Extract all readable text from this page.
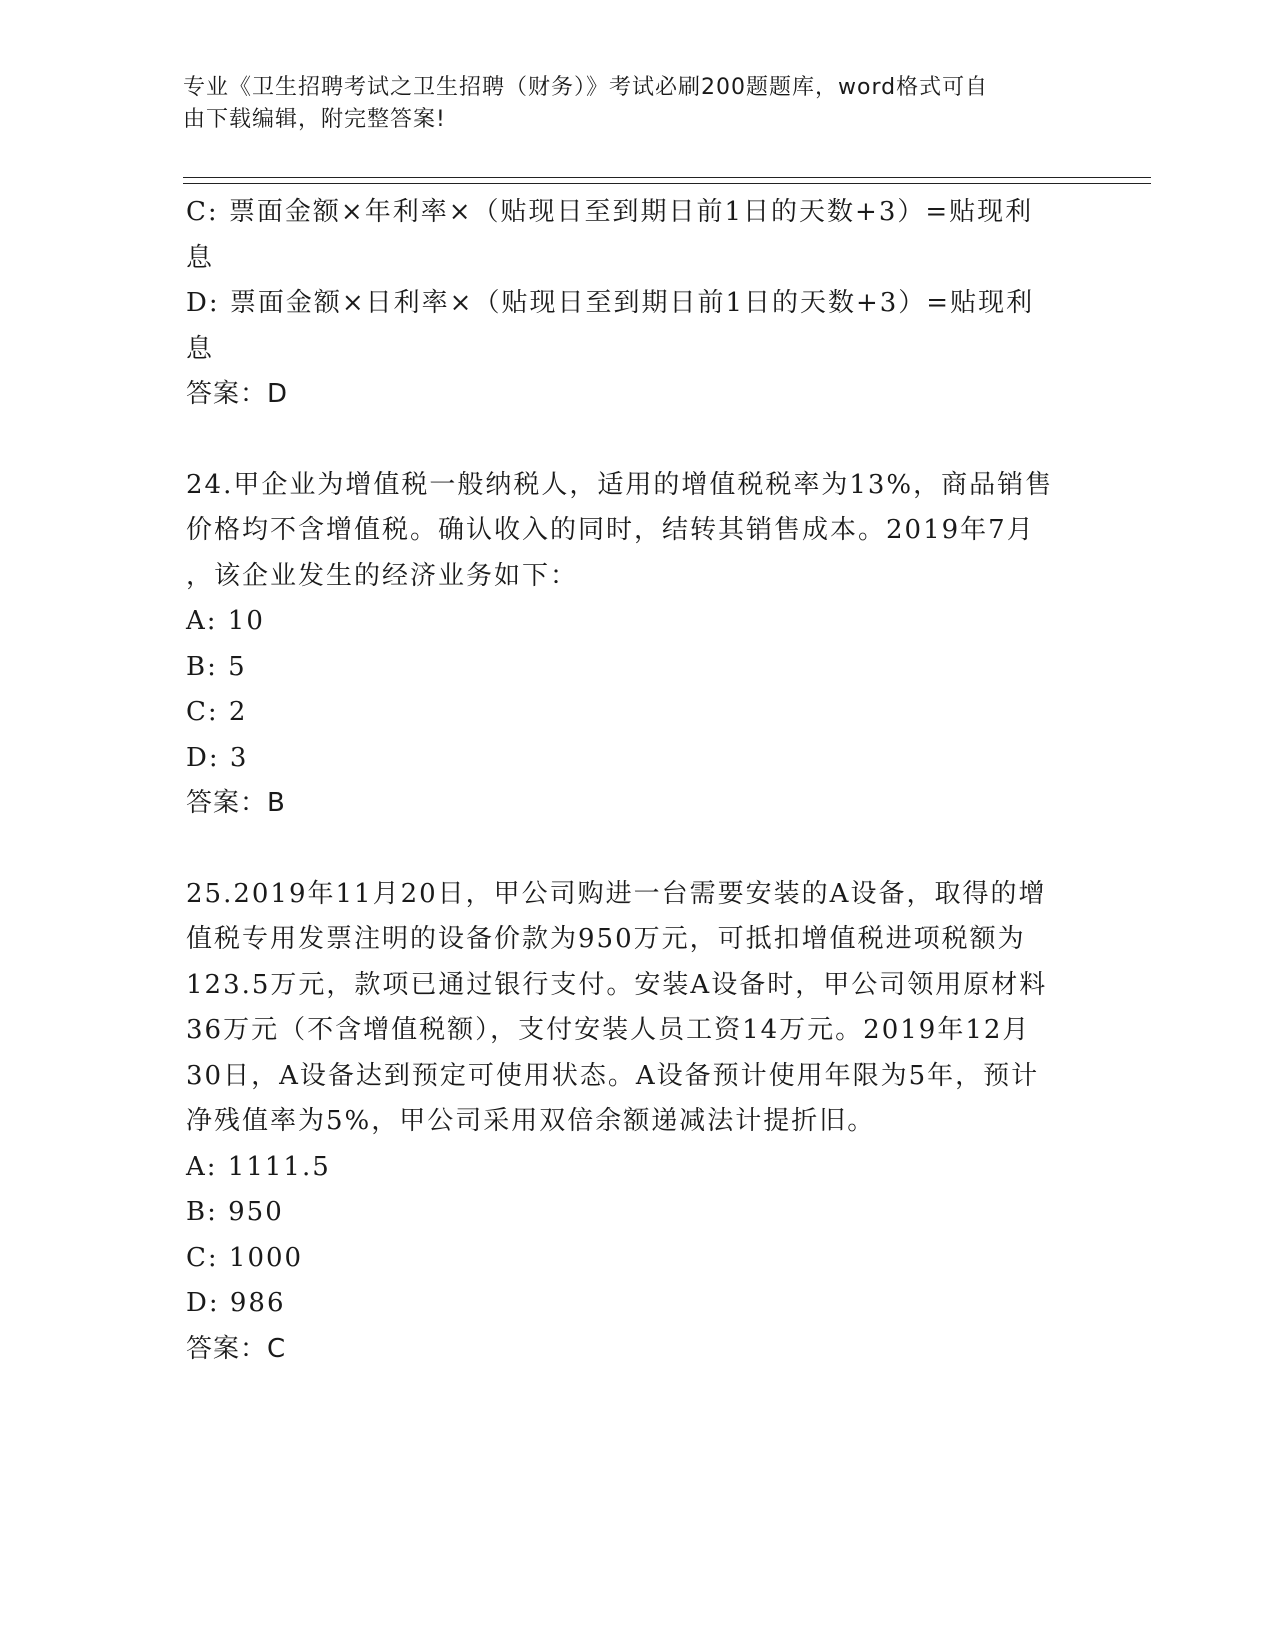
专业《卫生招聘考试之卫生招聘（财务）》考试必刷200题题库，word格式可自
由下载编辑，附完整答案!
C: 票面金额×年利率×（贴现日至到期日前1日的天数+3）=贴现利
息
D: 票面金额×日利率×（贴现日至到期日前1日的天数+3）=贴现利
息
答案：D
24.甲企业为增值税一般纳税人，适用的增值税税率为13%，商品销售
价格均不含增值税。确认收入的同时，结转其销售成本。2019年7月
，该企业发生的经济业务如下：
A: 10
B: 5
C: 2
D: 3
答案：B
25.2019年11月20日，甲公司购进一台需要安装的A设备，取得的增
值税专用发票注明的设备价款为950万元，可抵扣增值税进项税额为
123.5万元，款项已通过银行支付。安装A设备时，甲公司领用原材料
36万元（不含增值税额），支付安装人员工资14万元。2019年12月
30日，A设备达到预定可使用状态。A设备预计使用年限为5年，预计
净残值率为5%，甲公司采用双倍余额递减法计提折旧。
A: 1111.5
B: 950
C: 1000
D: 986
答案：C
